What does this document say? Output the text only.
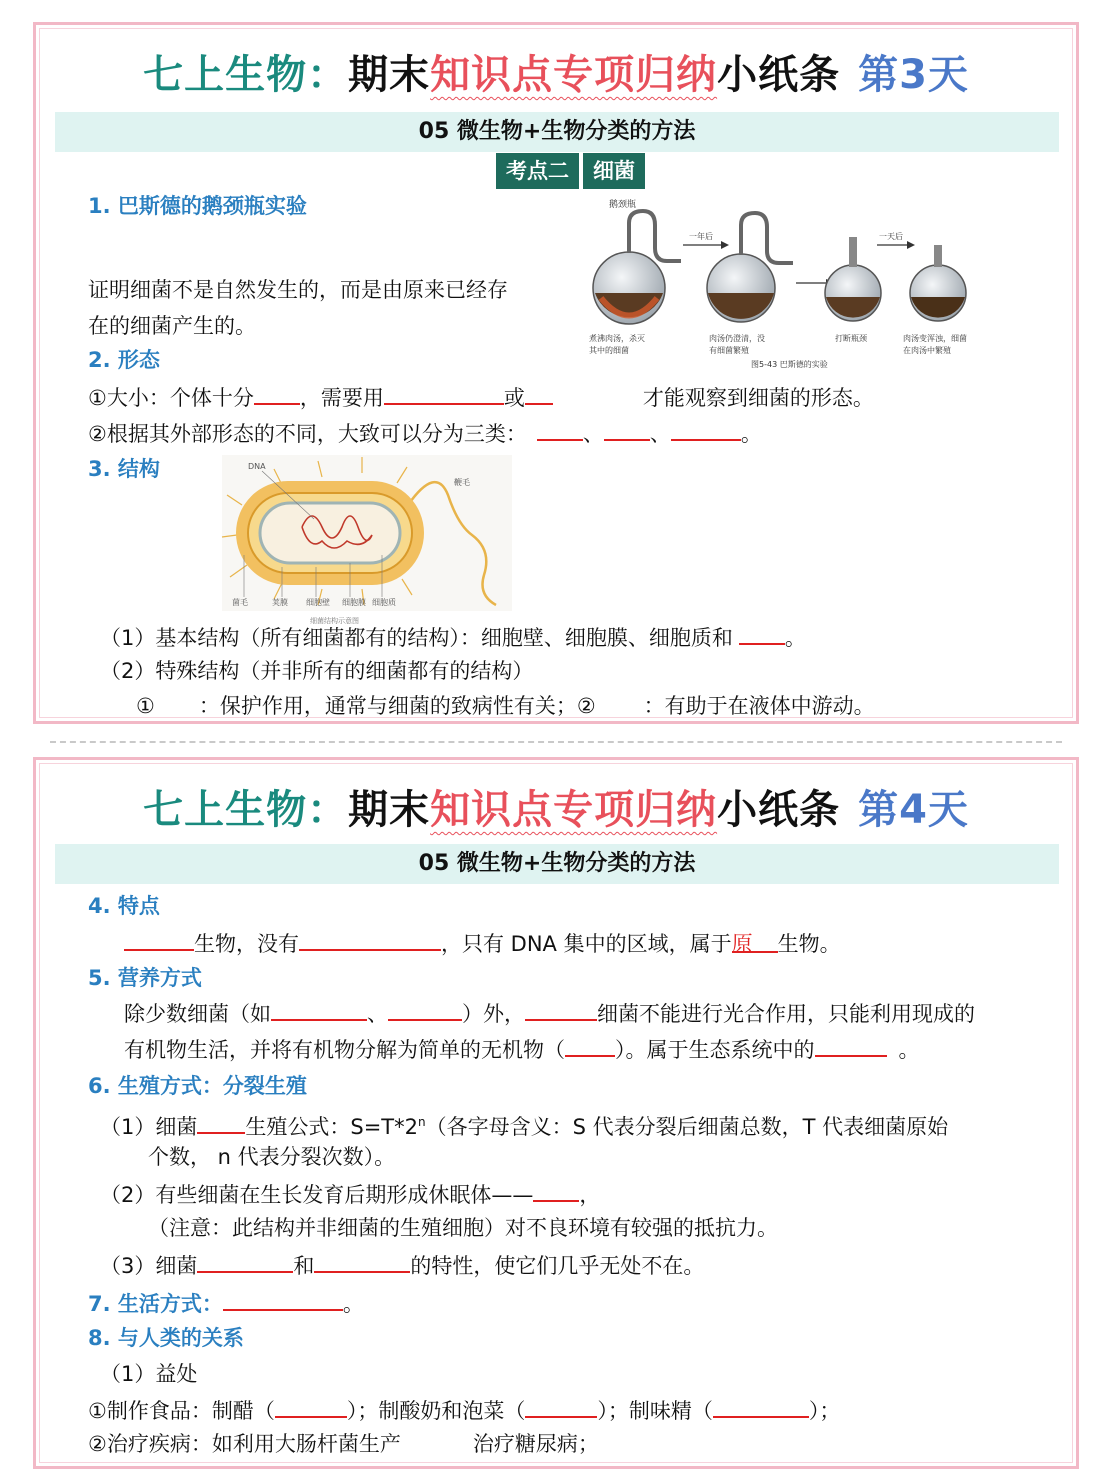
七上生物：期末知识点专项归纳小纸条 第3天
05 微生物+生物分类的方法
考点二	细菌
1. 巴斯德的鹅颈瓶实验
证明细菌不是自然发生的，而是由原来已经存
在的细菌产生的。
鹅颈瓶
一年后	一天后
煮沸肉汤，杀灭
其中的细菌
肉汤仍澄清，没
有细菌繁殖
打断瓶颈	肉汤变浑浊，细菌
在肉汤中繁殖
图5-43 巴斯德的实验
2. 形态
①大小：个体十分 ，需要用	或	才能观察到细菌的形态。
②根据其外部形态的不同，大致可以分为三类：	、 、	。
3. 结构	DNA
鞭毛
菌毛	荚膜 细胞壁 细胞膜 细胞质
细菌结构示意图
（1）基本结构（所有细菌都有的结构）：细胞壁、细胞膜、细胞质和 。
（2）特殊结构（并非所有的细菌都有的结构）
① ：保护作用，通常与细菌的致病性有关；② ：有助于在液体中游动。
七上生物：期末知识点专项归纳小纸条 第4天
05 微生物+生物分类的方法
4. 特点
生物，没有	，只有 DNA 集中的区域，属于原 生物。
5. 营养方式
除少数细菌（如	、	）外，	细菌不能进行光合作用，只能利用现成的
有机物生活，并将有机物分解为简单的无机物（ ）。属于生态系统中的	。
6. 生殖方式：分裂生殖
（1）细菌 生殖公式：$S=T*2^n$（各字母含义：S 代表分裂后细菌总数，T 代表细菌原始
个数， n 代表分裂次数）。
（2）有些细菌在生长发育后期形成休眠体—— ，
（注意：此结构并非细菌的生殖细胞）对不良环境有较强的抵抗力。
（3）细菌	和	的特性，使它们几乎无处不在。
7. 生活方式：	。
8. 与人类的关系
（1）益处
①制作食品：制醋（	）；制酸奶和泡菜（	）；制味精（	）；
②治疗疾病：如利用大肠杆菌生产	治疗糖尿病；
